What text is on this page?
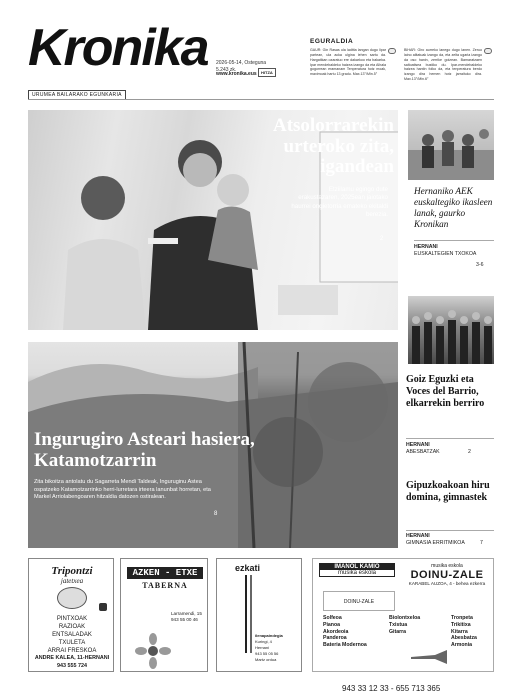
Kronika 2026-05-14, Osteguna
5.243 zk.
www.kronika.eus	HITZA
EGURALDIA
GAUR: Gin Rasas ula laditta langan dugo lipar partean, ula acka ulgina lehen sartu da. Hargatikan ozaratuo ere dakarkoo eta bakarka. Ipar mendebaldeko haizea izango da eta Alhala gogorrean eramanam Tenperatura hotz moak, maximoak hartu 13 gradu. Max.13°/Min.5°
BIHAR: Giro aurreko lanego dugo lanen. Zeruo laino alitatuak izango da, eta zelta ugaria izango da oso hanin, zerrike goizean. Bamaratzaen saltoatisea bustiko du. Ipar-mendebaldeko haizea hantin folko da, eta tenperatura berdo izango dira hemen hotz jarraituko dira. Max.13°/Min.6°
URUMEA BAILARAKO EGUNKARIA
Atsolorrarekin urteroko zita, igandean
Etziilamu egingo dute erakustazaren, 2025ean jaiotako haurrei ongietorria emateko ekitaldi berezia.
2
Ingurugiro Asteari hasiera, Katamotzarrin
Zita bikoitza antolatu du Sagarreta Mendi Taldeak, Inguruginu Astea ospatzeko Katamotzarrinko herri-lurretara irteera lanunbat horretan, eta Markel Arriolabengoaren hitzaldia datozen ostiralean.
8
Hernaniko AEK euskaltegiko ikasleen lanak, gaurko Kronikan
HERNANI
EUSKALTEGIEN TXOKOA
3-6
Goiz Eguzki eta Voces del Barrio, elkarrekin berriro
HERNANI
ABESBATZAK	2
Gipuzkoakoan hiru domina, gimnastek
HERNANI
GIMNASIA ERRITMIKOA	7
Tripontzi
jatetxea
PINTXOAK
RAZIOAK
ENTSALADAK
TXULETA
ARRAI FRESKOA
ANDRE KALEA, 11-HERNANI
943 555 724
AZKEN - ETXE
TABERNA
Larramendi, 15
943 55 00 46
ezkati
ilenapaindegia
Kuringi, 4
Hernani
943 55 05 56
Martz ordua
IMANOL KAMIO
musika eskola
musika eskola
DOINU-ZALE
KARABEL AUZOA, 4 - behea ezkerra
DOINU-ZALE
Solfeoa
Pianoa
Akordeoia
Panderoa
Bateria Modernoa
Biolontxeloa
Txistua
Gitarra
Tronpeta
Trikitixa
Kitarra
Abesbatza
Armonia
943 33 12 33 - 655 713 365
